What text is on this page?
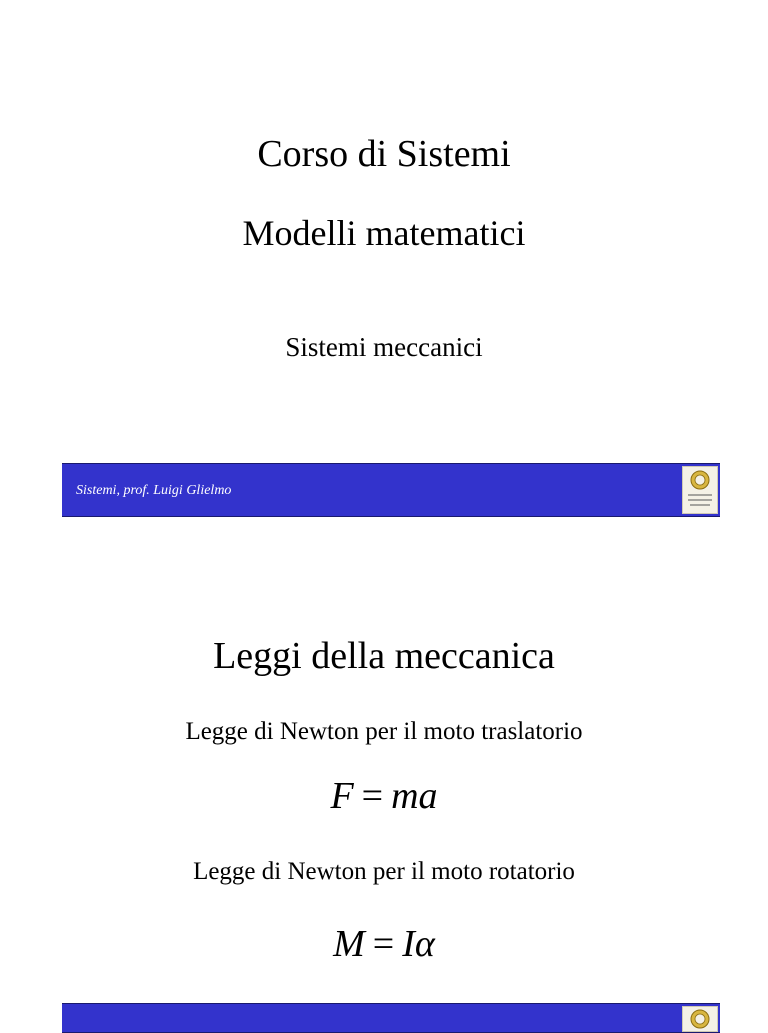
Corso di Sistemi
Modelli matematici
Sistemi meccanici
Sistemi, prof. Luigi Glielmo
Leggi della meccanica
Legge di Newton per il moto traslatorio
F = ma
Legge di Newton per il moto rotatorio
M = Iα
